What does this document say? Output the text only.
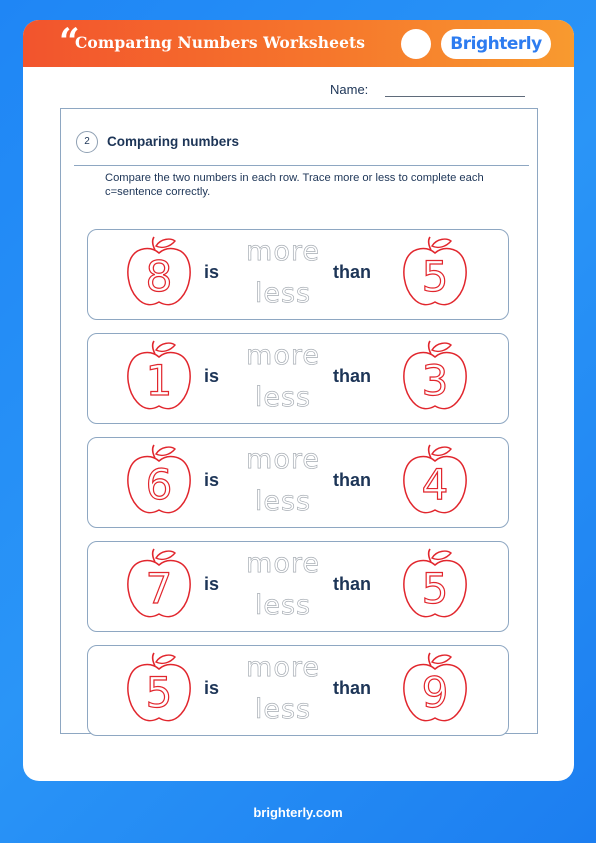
“
Comparing Numbers Worksheets	Brighterly
Name:
2	Comparing numbers
Compare the two numbers in each row. Trace more or less to complete each c=sentence correctly.
8 is
more
less
than 5
1 is
more
less
than 3
6 is
more
less
than 4
7 is
more
less
than 5
5 is
more
less
than 9
brighterly.com
